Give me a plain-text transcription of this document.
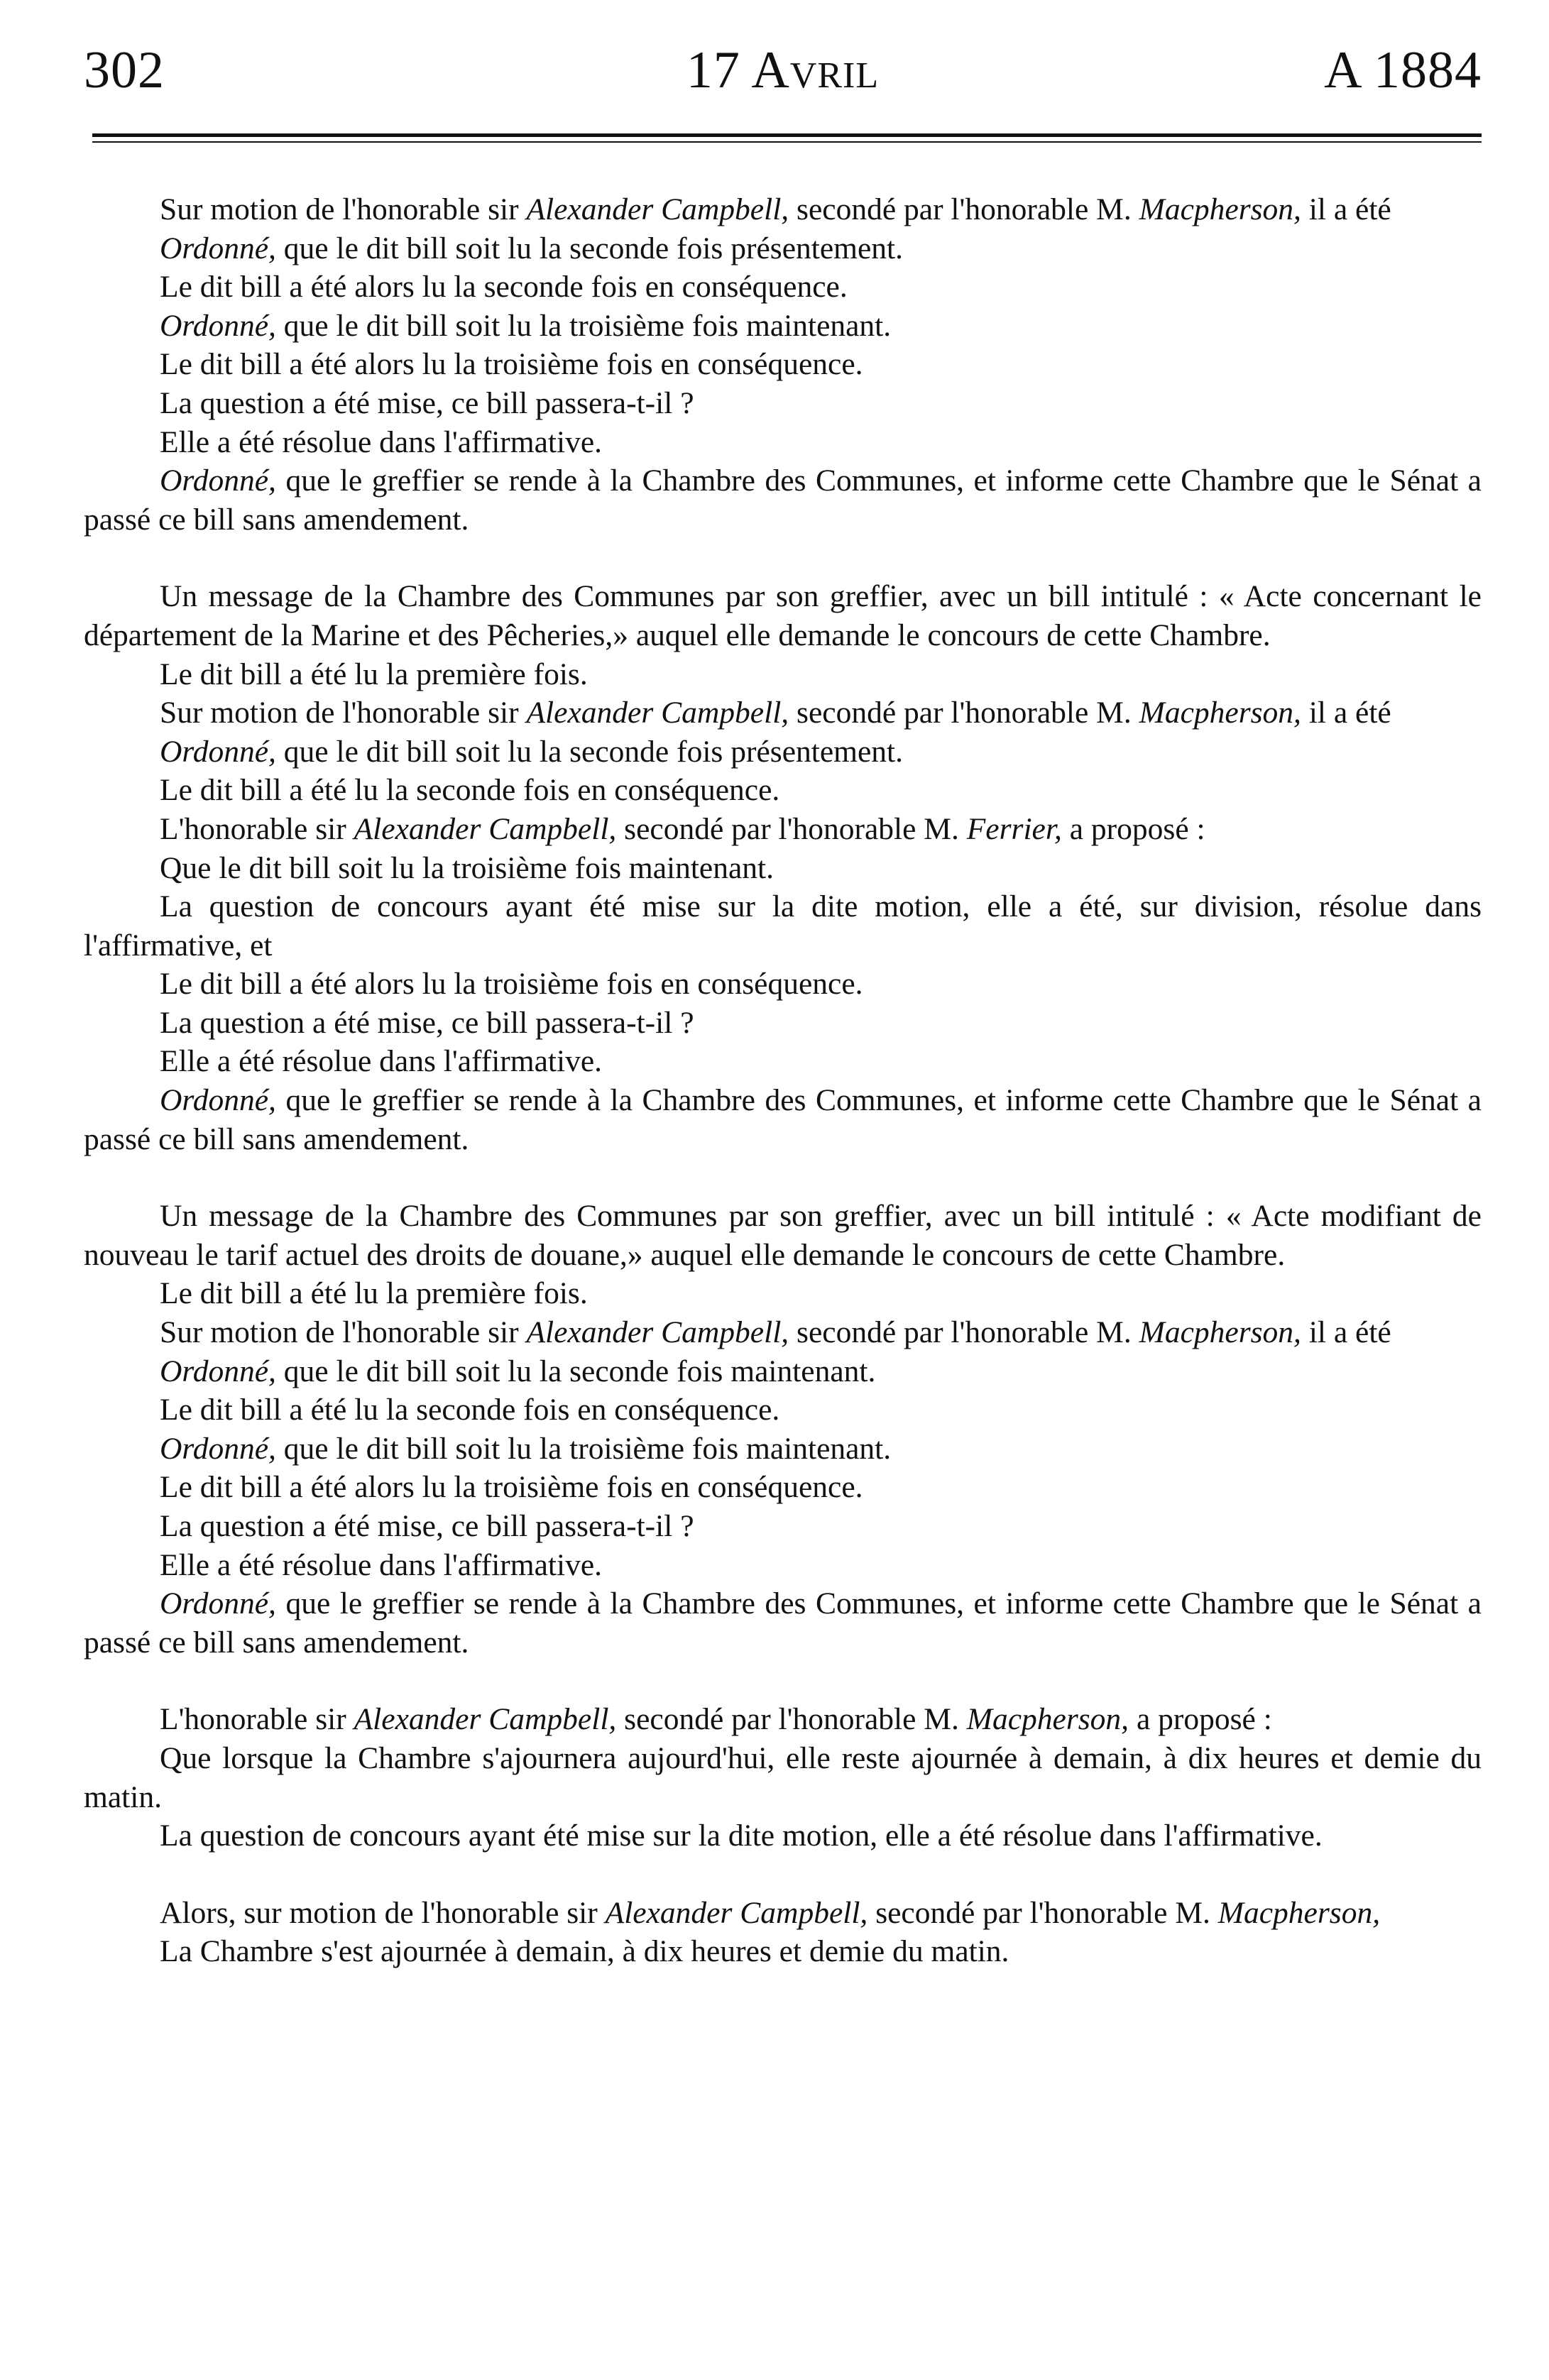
302	17 Avril	A 1884

Sur motion de l'honorable sir Alexander Campbell, secondé par l'honorable M. Macpherson, il a été

Ordonné, que le dit bill soit lu la seconde fois présentement.

Le dit bill a été alors lu la seconde fois en conséquence.

Ordonné, que le dit bill soit lu la troisième fois maintenant.

Le dit bill a été alors lu la troisième fois en conséquence.

La question a été mise, ce bill passera-t-il ?

Elle a été résolue dans l'affirmative.

Ordonné, que le greffier se rende à la Chambre des Communes, et informe cette Chambre que le Sénat a passé ce bill sans amendement.

Un message de la Chambre des Communes par son greffier, avec un bill intitulé : « Acte concernant le département de la Marine et des Pêcheries,» auquel elle demande le concours de cette Chambre.

Le dit bill a été lu la première fois.

Sur motion de l'honorable sir Alexander Campbell, secondé par l'honorable M. Macpherson, il a été

Ordonné, que le dit bill soit lu la seconde fois présentement.

Le dit bill a été lu la seconde fois en conséquence.

L'honorable sir Alexander Campbell, secondé par l'honorable M. Ferrier, a proposé :

Que le dit bill soit lu la troisième fois maintenant.

La question de concours ayant été mise sur la dite motion, elle a été, sur division, résolue dans l'affirmative, et

Le dit bill a été alors lu la troisième fois en conséquence.

La question a été mise, ce bill passera-t-il ?

Elle a été résolue dans l'affirmative.

Ordonné, que le greffier se rende à la Chambre des Communes, et informe cette Chambre que le Sénat a passé ce bill sans amendement.

Un message de la Chambre des Communes par son greffier, avec un bill intitulé : « Acte modifiant de nouveau le tarif actuel des droits de douane,» auquel elle demande le concours de cette Chambre.

Le dit bill a été lu la première fois.

Sur motion de l'honorable sir Alexander Campbell, secondé par l'honorable M. Macpherson, il a été

Ordonné, que le dit bill soit lu la seconde fois maintenant.

Le dit bill a été lu la seconde fois en conséquence.

Ordonné, que le dit bill soit lu la troisième fois maintenant.

Le dit bill a été alors lu la troisième fois en conséquence.

La question a été mise, ce bill passera-t-il ?

Elle a été résolue dans l'affirmative.

Ordonné, que le greffier se rende à la Chambre des Communes, et informe cette Chambre que le Sénat a passé ce bill sans amendement.

L'honorable sir Alexander Campbell, secondé par l'honorable M. Macpherson, a proposé :

Que lorsque la Chambre s'ajournera aujourd'hui, elle reste ajournée à demain, à dix heures et demie du matin.

La question de concours ayant été mise sur la dite motion, elle a été résolue dans l'affirmative.

Alors, sur motion de l'honorable sir Alexander Campbell, secondé par l'honorable M. Macpherson,

La Chambre s'est ajournée à demain, à dix heures et demie du matin.
